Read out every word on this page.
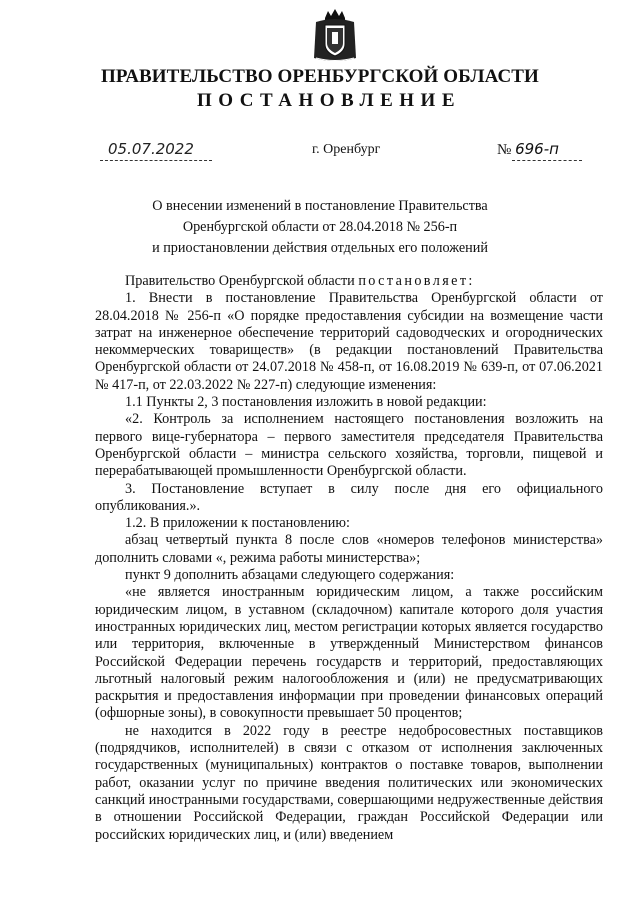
ПРАВИТЕЛЬСТВО ОРЕНБУРГСКОЙ ОБЛАСТИ
ПОСТАНОВЛЕНИЕ
05.07.2022	г. Оренбург	№ 696-п
О внесении изменений в постановление Правительства
Оренбургской области от 28.04.2018 № 256-п
и приостановлении действия отдельных его положений

Правительство Оренбургской области постановляет:

1. Внести в постановление Правительства Оренбургской области от 28.04.2018 № 256-п «О порядке предоставления субсидии на возмещение части затрат на инженерное обеспечение территорий садоводческих и огороднических некоммерческих товариществ» (в редакции постановлений Правительства Оренбургской области от 24.07.2018 № 458-п, от 16.08.2019 № 639-п, от 07.06.2021 № 417-п, от 22.03.2022 № 227-п) следующие изменения:

1.1 Пункты 2, 3 постановления изложить в новой редакции:

«2. Контроль за исполнением настоящего постановления возложить на первого вице-губернатора – первого заместителя председателя Правительства Оренбургской области – министра сельского хозяйства, торговли, пищевой и перерабатывающей промышленности Оренбургской области.

3. Постановление вступает в силу после дня его официального опубликования.».

1.2. В приложении к постановлению:

абзац четвертый пункта 8 после слов «номеров телефонов министерства» дополнить словами «, режима работы министерства»;

пункт 9 дополнить абзацами следующего содержания:

«не является иностранным юридическим лицом, а также российским юридическим лицом, в уставном (складочном) капитале которого доля участия иностранных юридических лиц, местом регистрации которых является государство или территория, включенные в утвержденный Министерством финансов Российской Федерации перечень государств и территорий, предоставляющих льготный налоговый режим налогообложения и (или) не предусматривающих раскрытия и предоставления информации при проведении финансовых операций (офшорные зоны), в совокупности превышает 50 процентов;

не находится в 2022 году в реестре недобросовестных поставщиков (подрядчиков, исполнителей) в связи с отказом от исполнения заключенных государственных (муниципальных) контрактов о поставке товаров, выполнении работ, оказании услуг по причине введения политических или экономических санкций иностранными государствами, совершающими недружественные действия в отношении Российской Федерации, граждан Российской Федерации или российских юридических лиц, и (или) введением
